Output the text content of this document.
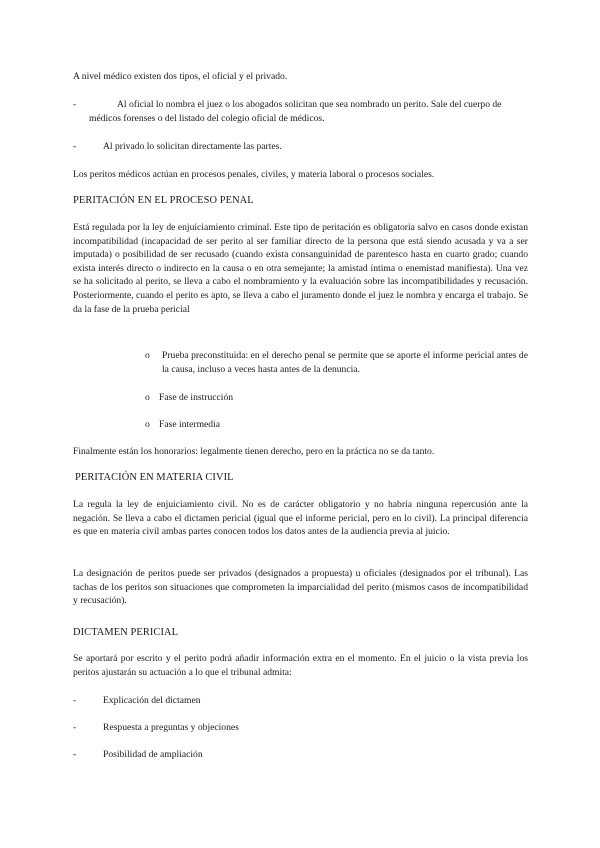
A nivel médico existen dos tipos, el oficial y el privado.

-	Al oficial lo nombra el juez o los abogados solicitan que sea nombrado un perito. Sale del cuerpo de médicos forenses o del listado del colegio oficial de médicos.
-	Al privado lo solicitan directamente las partes.

Los peritos médicos actúan en procesos penales, civiles, y materia laboral o procesos sociales.

PERITACIÓN EN EL PROCESO PENAL

Está regulada por la ley de enjuiciamiento criminal. Este tipo de peritación es obligatoria salvo en casos donde existan incompatibilidad (incapacidad de ser perito al ser familiar directo de la persona que está siendo acusada y va a ser imputada) o posibilidad de ser recusado (cuando exista consanguinidad de parentesco hasta en cuarto grado; cuando exista interés directo o indirecto en la causa o en otra semejante; la amistad íntima o enemistad manifiesta). Una vez se ha solicitado al perito, se lleva a cabo el nombramiento y la evaluación sobre las incompatibilidades y recusación. Posteriormente, cuando el perito es apto, se lleva a cabo el juramento donde el juez le nombra y encarga el trabajo. Se da la fase de la prueba pericial

o	Prueba preconstituida: en el derecho penal se permite que se aporte el informe pericial antes de la causa, incluso a veces hasta antes de la denuncia.
o Fase de instrucción
o Fase intermedia

Finalmente están los honorarios: legalmente tienen derecho, pero en la práctica no se da tanto.

PERITACIÓN EN MATERIA CIVIL

La regula la ley de enjuiciamiento civil. No es de carácter obligatorio y no habría ninguna repercusión ante la negación. Se lleva a cabo el dictamen pericial (igual que el informe pericial, pero en lo civil). La principal diferencia es que en materia civil ambas partes conocen todos los datos antes de la audiencia previa al juicio.

La designación de peritos puede ser privados (designados a propuesta) u oficiales (designados por el tribunal). Las tachas de los peritos son situaciones que comprometen la imparcialidad del perito (mismos casos de incompatibilidad y recusación).

DICTAMEN PERICIAL

Se aportará por escrito y el perito podrá añadir información extra en el momento. En el juicio o la vista previa los peritos ajustarán su actuación a lo que el tribunal admita:

-	Explicación del dictamen
-	Respuesta a preguntas y objeciones
-	Posibilidad de ampliación
